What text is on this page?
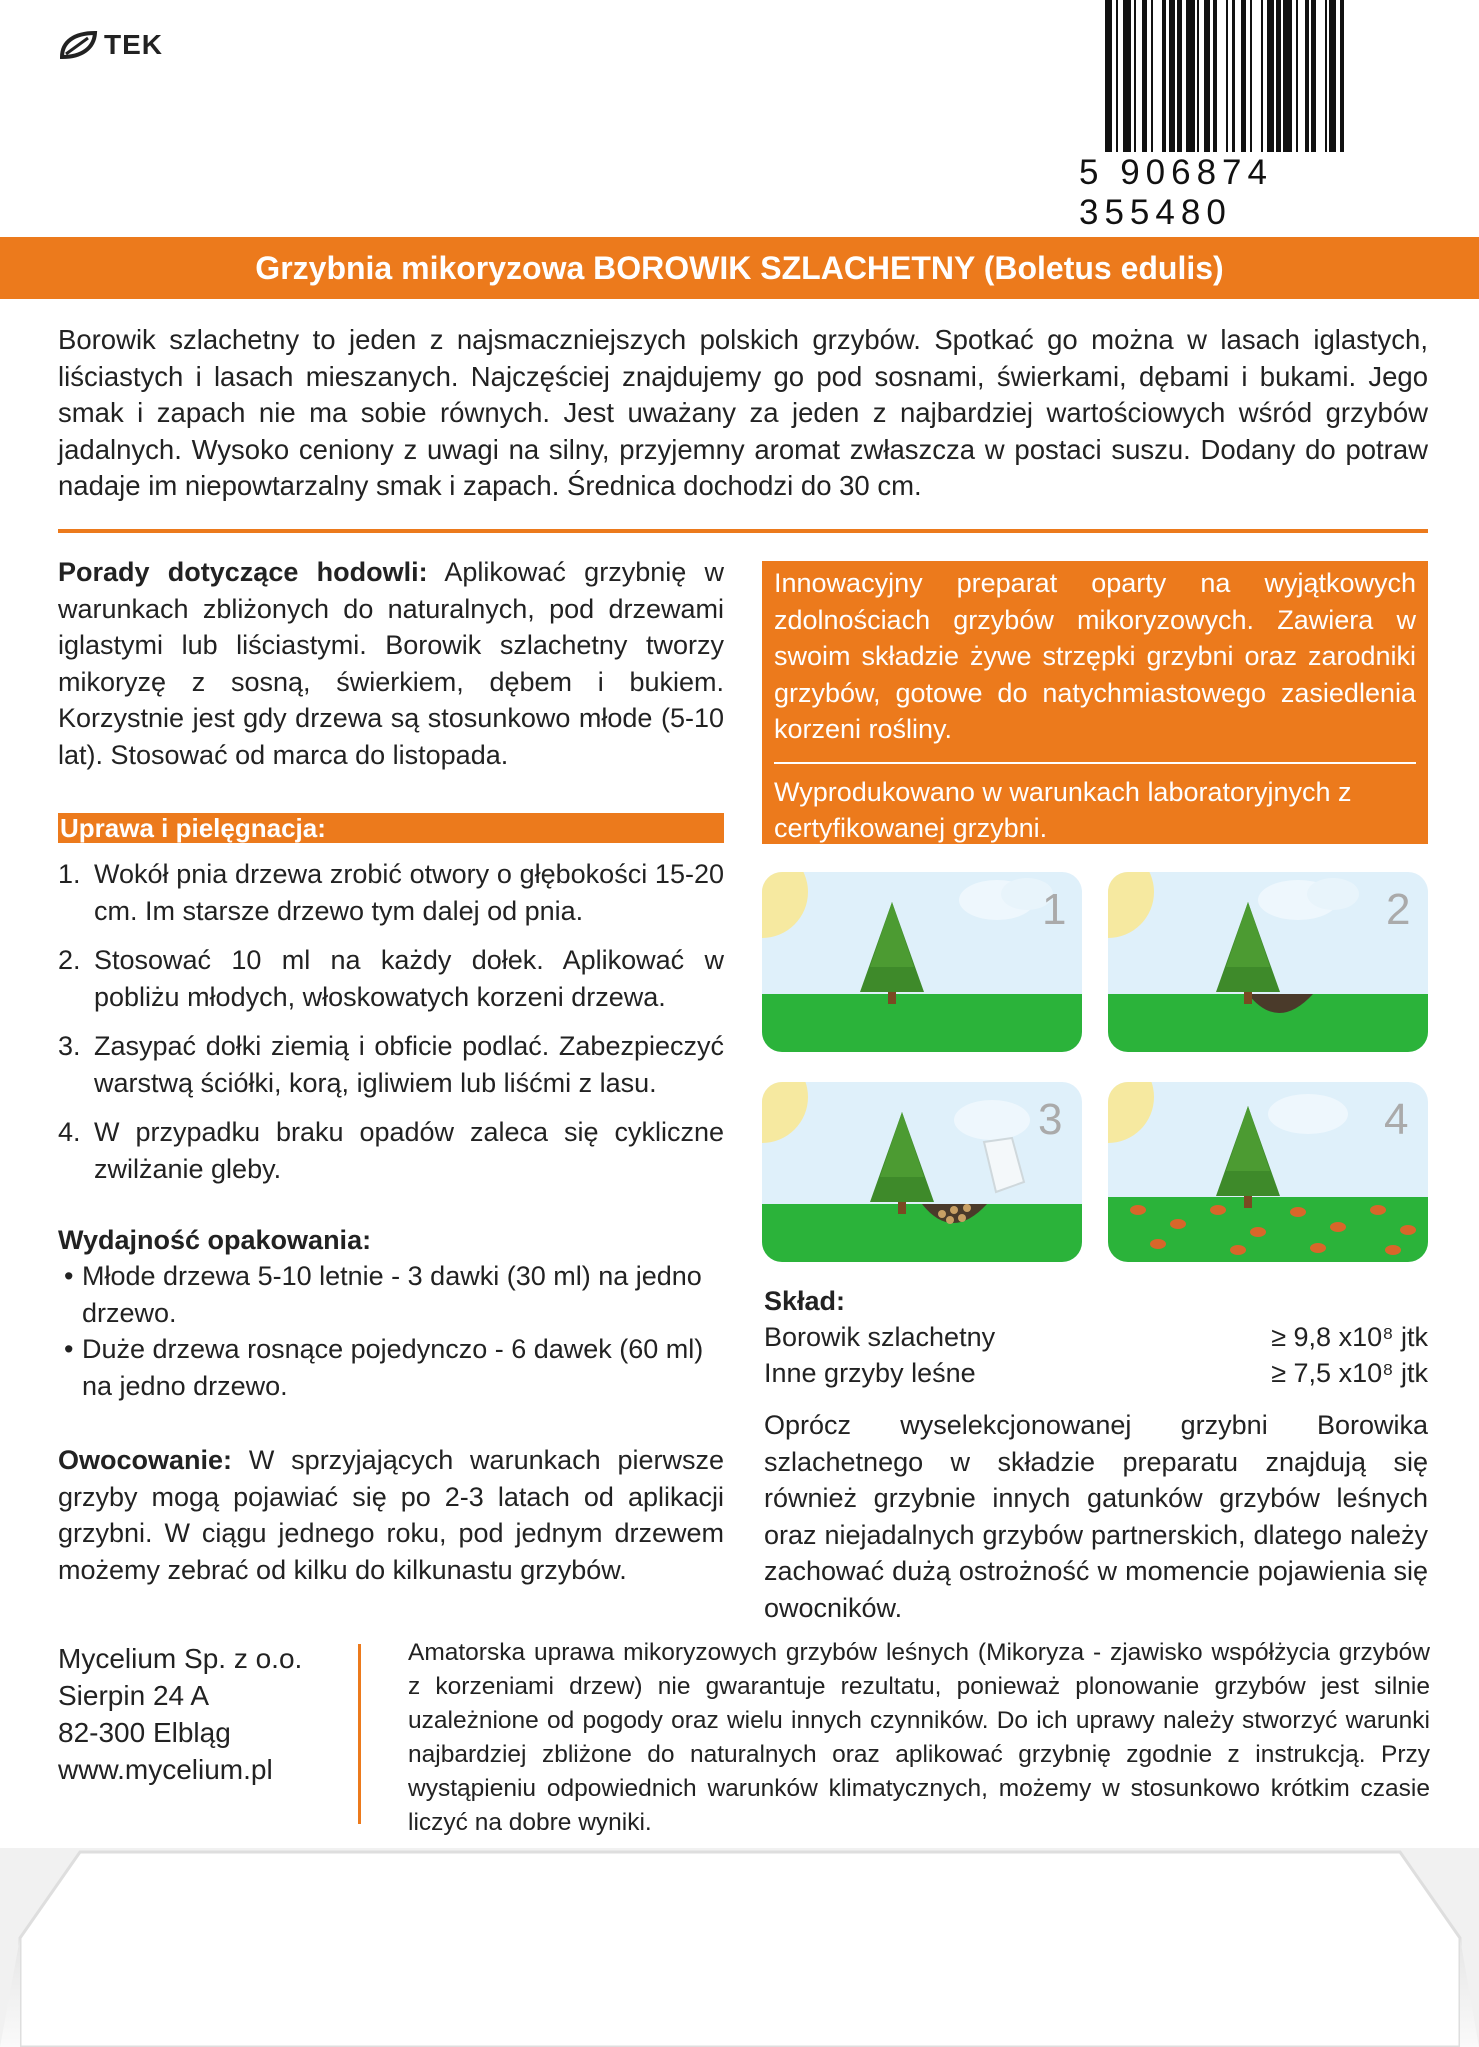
TEK
5 906874 355480
Grzybnia mikoryzowa BOROWIK SZLACHETNY (Boletus edulis)
Borowik szlachetny to jeden z najsmaczniejszych polskich grzybów. Spotkać go można w lasach iglastych, liściastych i lasach mieszanych. Najczęściej znajdujemy go pod sosnami, świerkami, dębami i bukami. Jego smak i zapach nie ma sobie równych. Jest uważany za jeden z najbardziej wartościowych wśród grzybów jadalnych. Wysoko ceniony z uwagi na silny, przyjemny aromat zwłaszcza w postaci suszu. Dodany do potraw nadaje im niepowtarzalny smak i zapach. Średnica dochodzi do 30 cm.
Porady dotyczące hodowli: Aplikować grzybnię w warunkach zbliżonych do naturalnych, pod drzewami iglastymi lub liściastymi. Borowik szlachetny tworzy mikoryzę z sosną, świerkiem, dębem i bukiem. Korzystnie jest gdy drzewa są stosunkowo młode (5-10 lat). Stosować od marca do listopada.
Uprawa i pielęgnacja:
1. Wokół pnia drzewa zrobić otwory o głębokości 15-20 cm. Im starsze drzewo tym dalej od pnia.
2. Stosować 10 ml na każdy dołek. Aplikować w pobliżu młodych, włoskowatych korzeni drzewa.
3. Zasypać dołki ziemią i obficie podlać. Zabezpieczyć warstwą ściółki, korą, igliwiem lub liśćmi z lasu.
4. W przypadku braku opadów zaleca się cykliczne zwilżanie gleby.
Wydajność opakowania:
• Młode drzewa 5-10 letnie - 3 dawki (30 ml) na jedno drzewo.
• Duże drzewa rosnące pojedynczo - 6 dawek (60 ml) na jedno drzewo.
Owocowanie: W sprzyjających warunkach pierwsze grzyby mogą pojawiać się po 2-3 latach od aplikacji grzybni. W ciągu jednego roku, pod jednym drzewem możemy zebrać od kilku do kilkunastu grzybów.
Innowacyjny preparat oparty na wyjątkowych zdolnościach grzybów mikoryzowych. Zawiera w swoim składzie żywe strzępki grzybni oraz zarodniki grzybów, gotowe do natychmiastowego zasiedlenia korzeni rośliny.
Wyprodukowano w warunkach laboratoryjnych z certyfikowanej grzybni.
1	2
3	4
Skład:
Borowik szlachetny	≥ 9,8 x10⁸ jtk
Inne grzyby leśne	≥ 7,5 x10⁸ jtk
Oprócz wyselekcjonowanej grzybni Borowika szlachetnego w składzie preparatu znajdują się również grzybnie innych gatunków grzybów leśnych oraz niejadalnych grzybów partnerskich, dlatego należy zachować dużą ostrożność w momencie pojawienia się owocników.
Mycelium Sp. z o.o.
Sierpin 24 A
82-300 Elbląg
www.mycelium.pl
Amatorska uprawa mikoryzowych grzybów leśnych (Mikoryza - zjawisko współżycia grzybów z korzeniami drzew) nie gwarantuje rezultatu, ponieważ plonowanie grzybów jest silnie uzależnione od pogody oraz wielu innych czynników. Do ich uprawy należy stworzyć warunki najbardziej zbliżone do naturalnych oraz aplikować grzybnię zgodnie z instrukcją. Przy wystąpieniu odpowiednich warunków klimatycznych, możemy w stosunkowo krótkim czasie liczyć na dobre wyniki.
